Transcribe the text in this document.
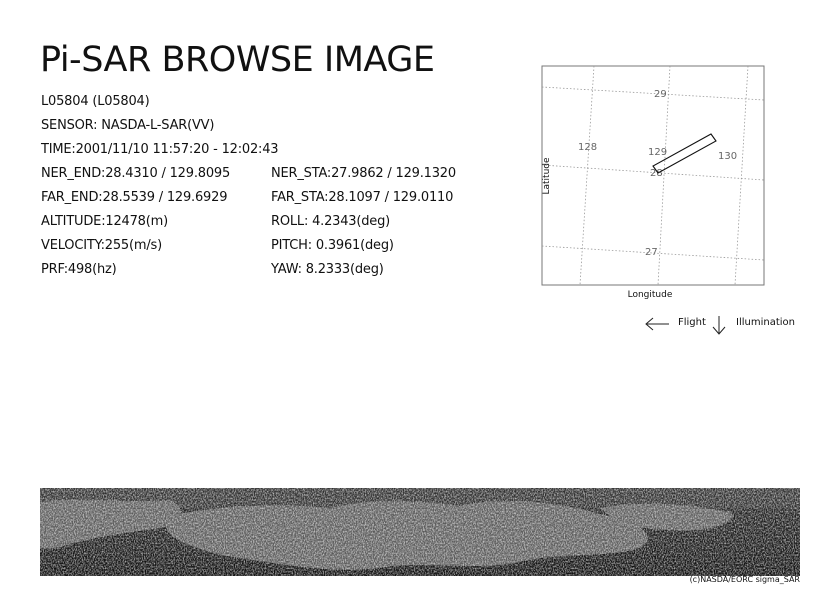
Pi-SAR BROWSE IMAGE
L05804 (L05804)
SENSOR: NASDA-L-SAR(VV)
TIME:2001/11/10 11:57:20 - 12:02:43
NER_END:28.4310 / 129.8095	NER_STA:27.9862 / 129.1320
FAR_END:28.5539 / 129.6929	FAR_STA:28.1097 / 129.0110
ALTITUDE:12478(m)	ROLL: 4.2343(deg)
VELOCITY:255(m/s)	PITCH: 0.3961(deg)
PRF:498(hz)	YAW: 8.2333(deg)
29
28
27
128	129	130
Latitude
Longitude
Flight	Illumination
(c)NASDA/EORC sigma_SAR
